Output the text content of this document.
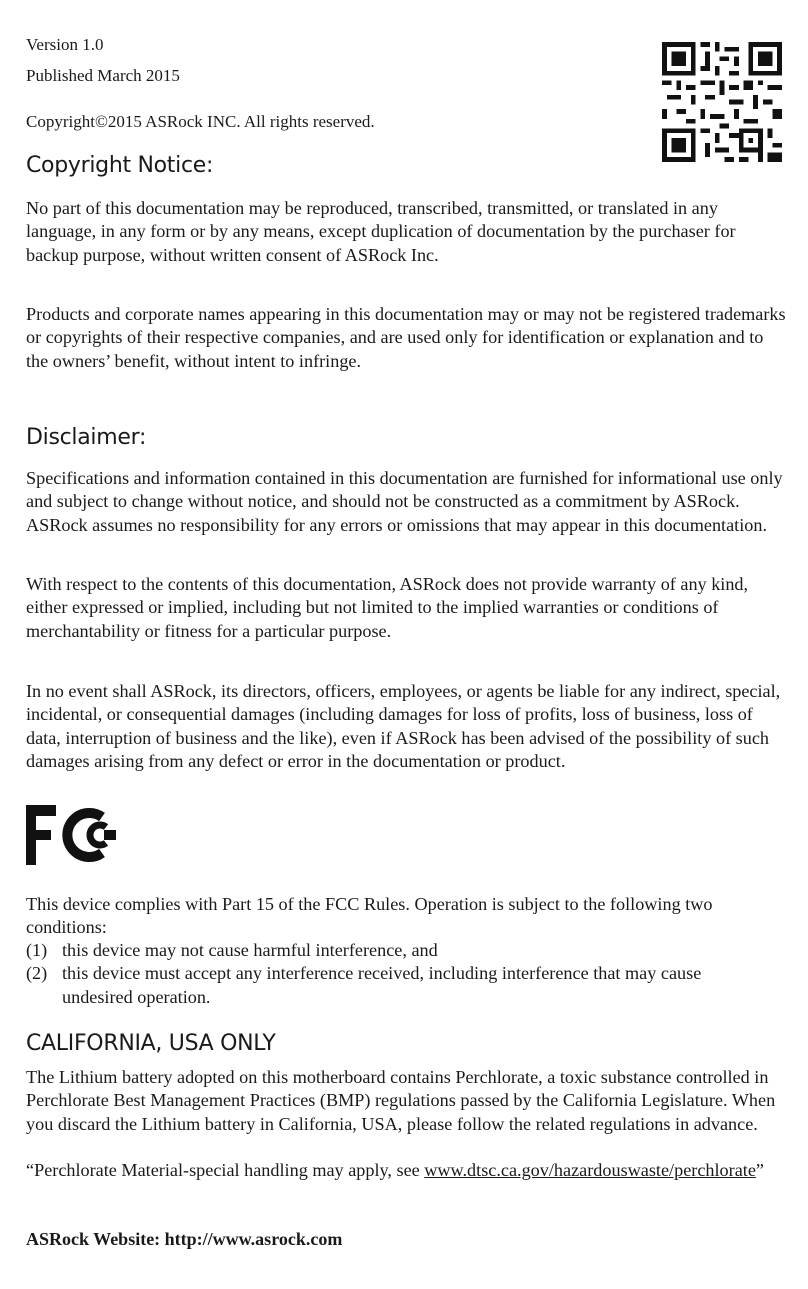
Version 1.0

Published March 2015

Copyright©2015 ASRock INC. All rights reserved.

Copyright Notice:

No part of this documentation may be reproduced, transcribed, transmitted, or translated in any language, in any form or by any means, except duplication of documentation by the purchaser for backup purpose, without written consent of ASRock Inc.

Products and corporate names appearing in this documentation may or may not be registered trademarks or copyrights of their respective companies, and are used only for identification or explanation and to the owners’ benefit, without intent to infringe.

Disclaimer:

Specifications and information contained in this documentation are furnished for informational use only and subject to change without notice, and should not be constructed as a commitment by ASRock. ASRock assumes no responsibility for any errors or omissions that may appear in this documentation.

With respect to the contents of this documentation, ASRock does not provide warranty of any kind, either expressed or implied, including but not limited to the implied warranties or conditions of merchantability or fitness for a particular purpose.

In no event shall ASRock, its directors, officers, employees, or agents be liable for any indirect, special, incidental, or consequential damages (including damages for loss of profits, loss of business, loss of data, interruption of business and the like), even if ASRock has been advised of the possibility of such damages arising from any defect or error in the documentation or product.

This device complies with Part 15 of the FCC Rules. Operation is subject to the following two conditions:

(1) this device may not cause harmful interference, and
(2) this device must accept any interference received, including interference that may cause undesired operation.
CALIFORNIA, USA ONLY

The Lithium battery adopted on this motherboard contains Perchlorate, a toxic substance controlled in Perchlorate Best Management Practices (BMP) regulations passed by the California Legislature. When you discard the Lithium battery in California, USA, please follow the related regulations in advance.

“Perchlorate Material-special handling may apply, see www.dtsc.ca.gov/hazardouswaste/perchlorate”

ASRock Website: http://www.asrock.com
